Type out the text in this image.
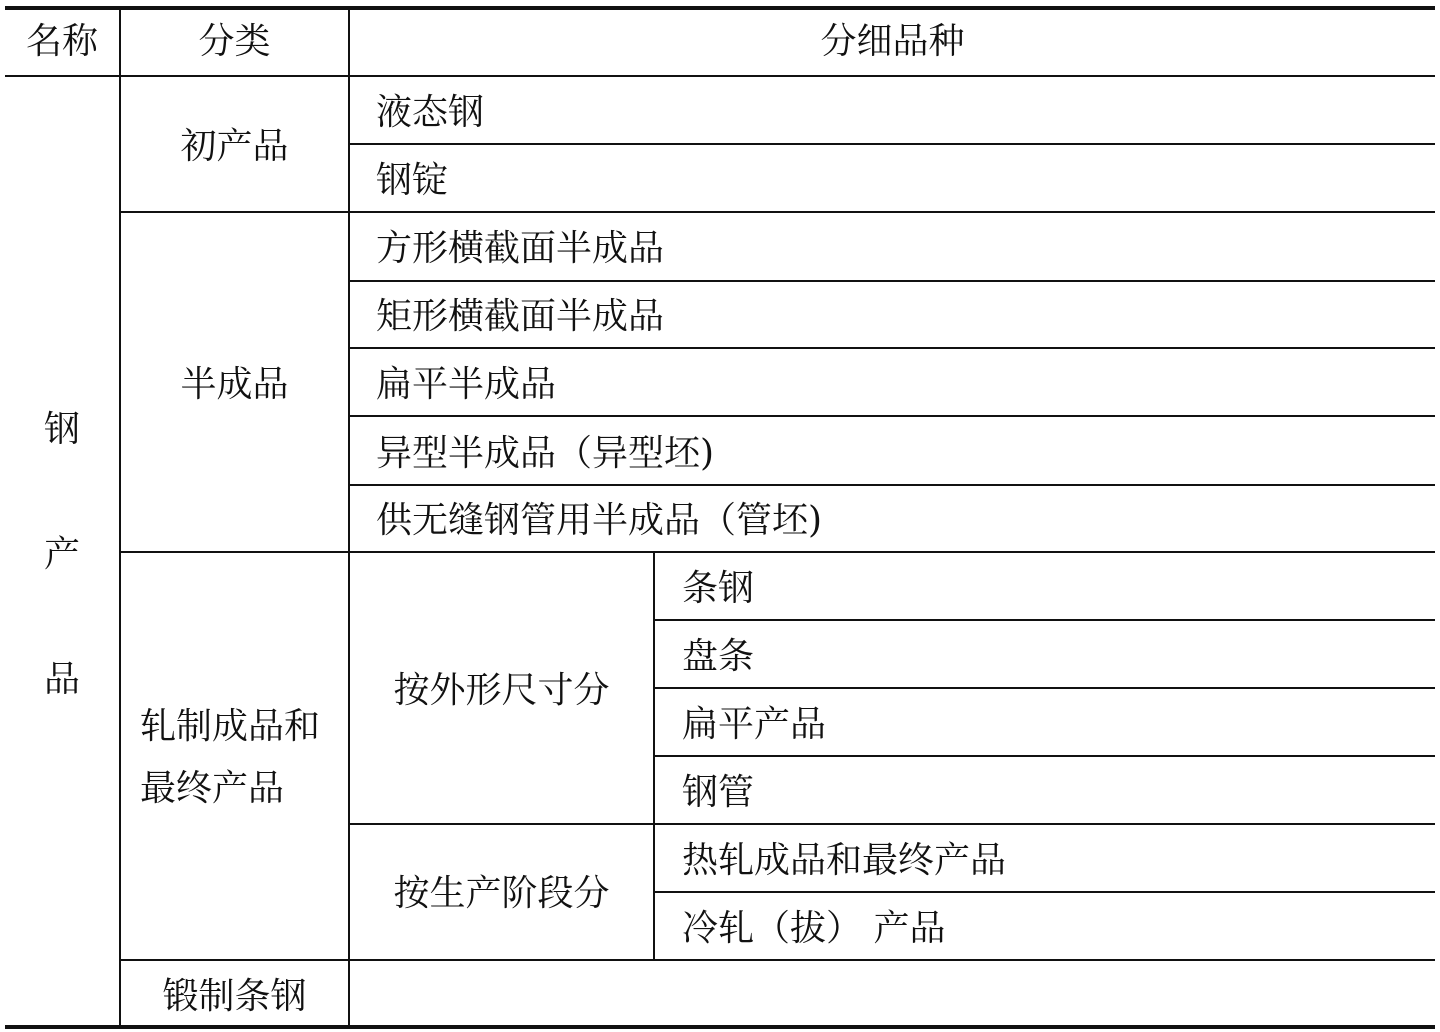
名称	分类	分细品种
钢
产
品
初产品
液态钢
钢锭
半成品
方形横截面半成品
矩形横截面半成品
扁平半成品
异型半成品（异型坯)
供无缝钢管用半成品（管坯)
轧制成品和
最终产品
按外形尺寸分
条钢
盘条
扁平产品
钢管
按生产阶段分
热轧成品和最终产品
冷轧（拔） 产品
锻制条钢
